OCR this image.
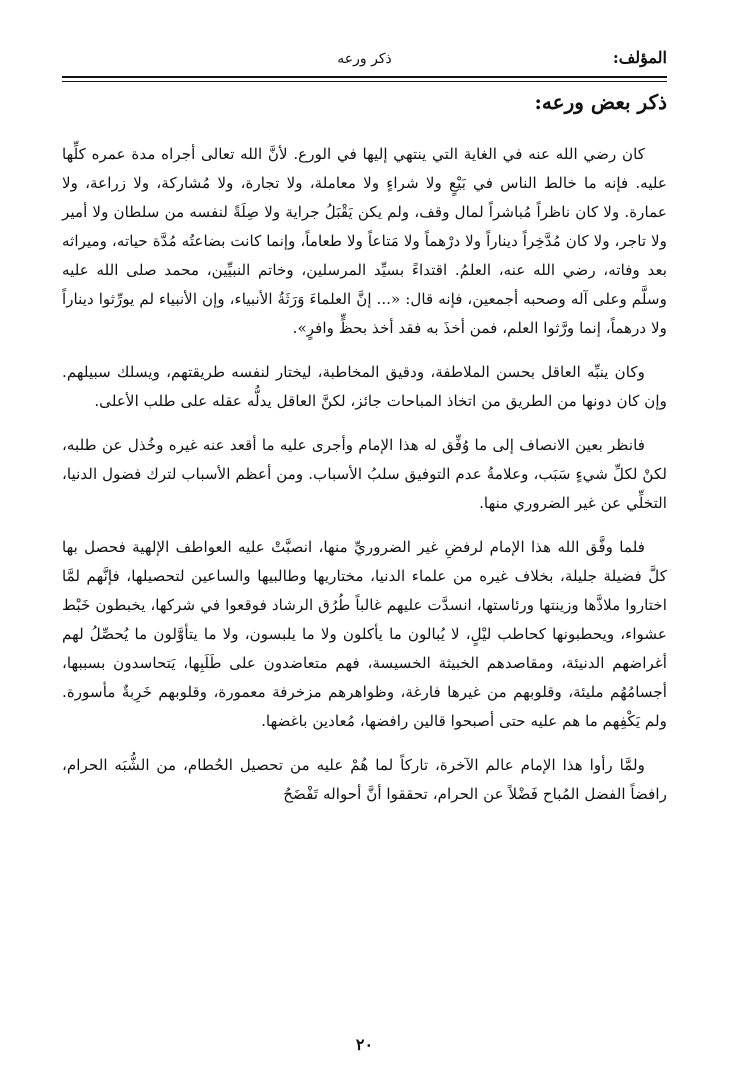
المؤلف:
ذكر ورعه
ذكر بعض ورعه:

كان رضي الله عنه في الغاية التي ينتهي إليها في الورع. لأنَّ الله تعالى أجراه مدة عمره كلِّها عليه. فإنه ما خالط الناس في بَيْعٍ ولا شراءٍ ولا معاملة، ولا تجارة، ولا مُشاركة، ولا زراعة، ولا عمارة. ولا كان ناظراً مُباشراً لمال وقف، ولم يكن يَقْبَلُ جراية ولا صِلَةً لنفسه من سلطان ولا أمير ولا تاجر، ولا كان مُدَّخِراً ديناراً ولا درْهماً ولا مَتاعاً ولا طعاماً، وإنما كانت بضاعتُه مُدَّة حياته، وميراثه بعد وفاته، رضي الله عنه، العلمُ. اقتداءً بسيِّد المرسلين، وخاتم النبيِّين، محمد صلى الله عليه وسلَّم وعلى آله وصحبه أجمعين، فإنه قال: «... إنَّ العلماءَ وَرَثَةُ الأنبياء، وإن الأنبياء لم يورِّثوا ديناراً ولا درهماً، إنما ورَّثوا العلم، فمن أخذَ به فقد أخذ بحظٍّ وافرٍ».

وكان ينبِّه العاقل بحسن الملاطفة، ودقيق المخاطبة، ليختار لنفسه طريقتهم، ويسلك سبيلهم. وإن كان دونها من الطريق من اتخاذ المباحات جائز، لكنَّ العاقل يدلُّه عقله على طلب الأعلى.

فانظر بعين الانصاف إلى ما وُفِّق له هذا الإمام وأجرى عليه ما أقعد عنه غيره وخُذل عن طلبه، لكنْ لكلِّ شيءٍ سَبَب، وعلامةُ عدم التوفيق سلبُ الأسباب. ومن أعظم الأسباب لترك فضول الدنيا، التخلِّي عن غير الضروري منها.

فلما وفَّق الله هذا الإمام لرفضِ غير الضروريِّ منها، انصبَّتْ عليه العواطف الإلهية فحصل بها كلَّ فضيلة جليلة، بخلاف غيره من علماء الدنيا، مختاريها وطالبيها والساعين لتحصيلها، فإنَّهم لمَّا اختاروا ملاذَّها وزينتها ورئاستها، انسدَّت عليهم غالباً طُرُق الرشاد فوقعوا في شركها، يخبطون خَبْط عشواء، ويحطبونها كحاطب ليْلٍ، لا يُبالون ما يأكلون ولا ما يلبسون، ولا ما يتأوَّلون ما يُحصِّلُ لهم أغراضهم الدنيئة، ومقاصدهم الخبيثة الخسيسة، فهم متعاضدون على طَلَبِها، يَتحاسدون بسببها، أجسامُهُم مليئة، وقلوبهم من غيرها فارغة، وظواهرهم مزخرفة معمورة، وقلوبهم خَرِبةٌ مأسورة. ولم يَكْفِهم ما هم عليه حتى أصبحوا قالين رافضها، مُعادين باغضها.

ولمَّا رأوا هذا الإمام عالم الآخرة، تاركاً لما هُمْ عليه من تحصيل الحُطام، من الشُّبَه الحرام، رافضاً الفضل المُباح فَضْلاً عن الحرام، تحققوا أنَّ أحواله تَفْضَحُ

٢٠
